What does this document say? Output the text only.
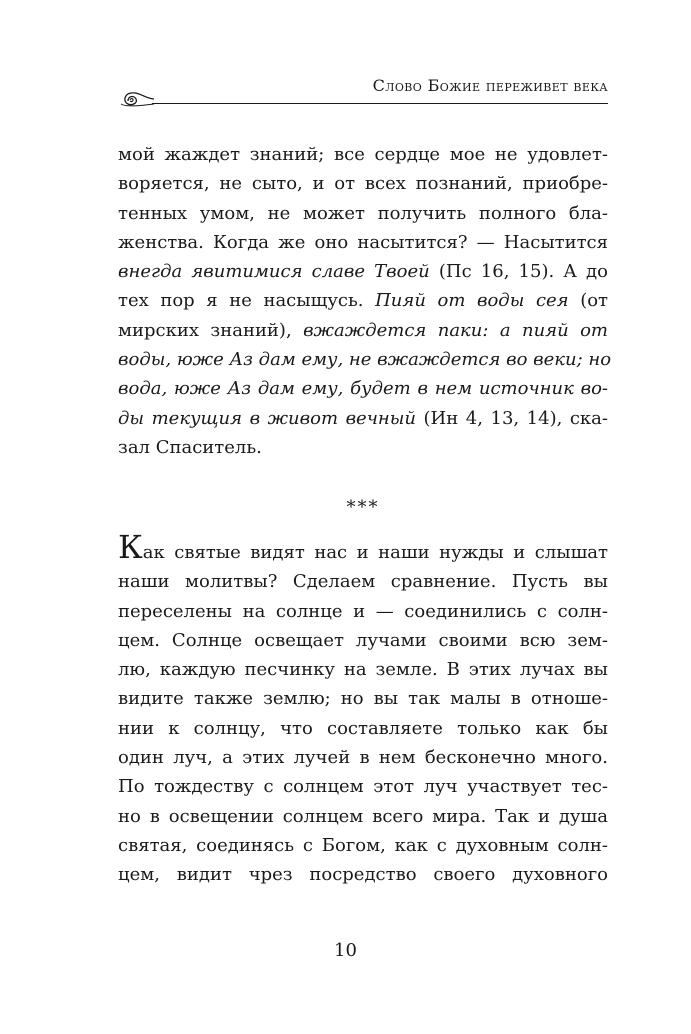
Слово Божие переживет века
мой жаждет знаний; все сердце мое не удовлет-
воряется, не сыто, и от всех познаний, приобре-
тенных умом, не может получить полного бла-
женства. Когда же оно насытится? — Насытится
внегда явитимися славе Твоей (Пс 16, 15). А до
тех пор я не насыщусь. Пияй от воды сея (от
мирских знаний), вжаждется паки: а пияй от
воды, юже Аз дам ему, не вжаждется во веки; но
вода, юже Аз дам ему, будет в нем источник во-
ды текущия в живот вечный (Ин 4, 13, 14), ска-
зал Спаситель.
***
Как святые видят нас и наши нужды и слышат
наши молитвы? Сделаем сравнение. Пусть вы
переселены на солнце и — соединились с солн-
цем. Солнце освещает лучами своими всю зем-
лю, каждую песчинку на земле. В этих лучах вы
видите также землю; но вы так малы в отноше-
нии к солнцу, что составляете только как бы
один луч, а этих лучей в нем бесконечно много.
По тождеству с солнцем этот луч участвует тес-
но в освещении солнцем всего мира. Так и душа
святая, соединясь с Богом, как с духовным солн-
цем, видит чрез посредство своего духовного
10
